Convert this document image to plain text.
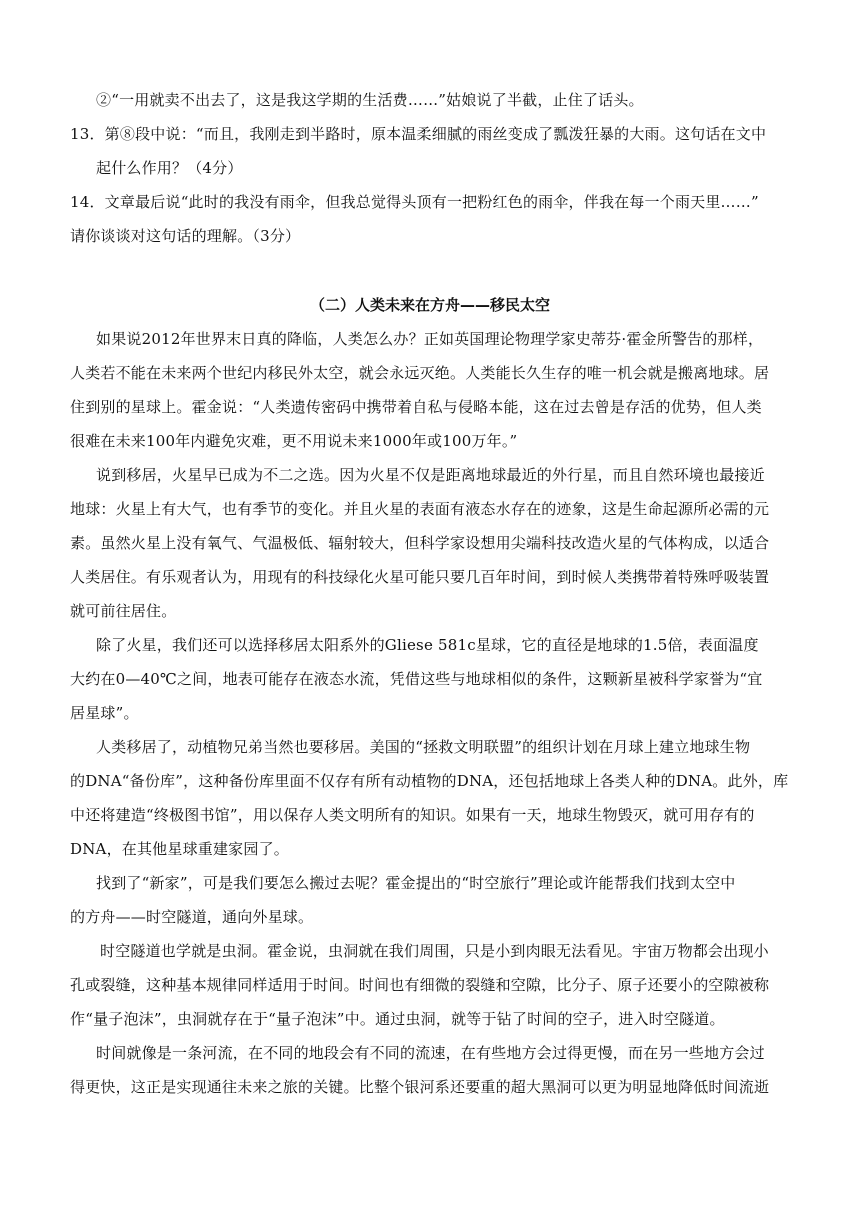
②“一用就卖不出去了，这是我这学期的生活费……”姑娘说了半截，止住了话头。
13．第⑧段中说：“而且，我刚走到半路时，原本温柔细腻的雨丝变成了瓢泼狂暴的大雨。这句话在文中
起什么作用？（4分）
14．文章最后说“此时的我没有雨伞，但我总觉得头顶有一把粉红色的雨伞，伴我在每一个雨天里……”
请你谈谈对这句话的理解。（3分）
（二）人类未来在方舟——移民太空
如果说2012年世界末日真的降临，人类怎么办？正如英国理论物理学家史蒂芬·霍金所警告的那样，
人类若不能在未来两个世纪内移民外太空，就会永远灭绝。人类能长久生存的唯一机会就是搬离地球。居
住到别的星球上。霍金说：“人类遗传密码中携带着自私与侵略本能，这在过去曾是存活的优势，但人类
很难在未来100年内避免灾难，更不用说未来1000年或100万年。”
说到移居，火星早已成为不二之选。因为火星不仅是距离地球最近的外行星，而且自然环境也最接近
地球：火星上有大气，也有季节的变化。并且火星的表面有液态水存在的迹象，这是生命起源所必需的元
素。虽然火星上没有氧气、气温极低、辐射较大，但科学家设想用尖端科技改造火星的气体构成，以适合
人类居住。有乐观者认为，用现有的科技绿化火星可能只要几百年时间，到时候人类携带着特殊呼吸装置
就可前往居住。
除了火星，我们还可以选择移居太阳系外的Gliese 581c星球，它的直径是地球的1.5倍，表面温度
大约在0—40℃之间，地表可能存在液态水流，凭借这些与地球相似的条件，这颗新星被科学家誉为“宜
居星球”。
人类移居了，动植物兄弟当然也要移居。美国的“拯救文明联盟”的组织计划在月球上建立地球生物
的DNA“备份库”，这种备份库里面不仅存有所有动植物的DNA，还包括地球上各类人种的DNA。此外，库
中还将建造“终极图书馆”，用以保存人类文明所有的知识。如果有一天，地球生物毁灭，就可用存有的
DNA，在其他星球重建家园了。
找到了“新家”，可是我们要怎么搬过去呢？霍金提出的“时空旅行”理论或许能帮我们找到太空中
的方舟——时空隧道，通向外星球。
时空隧道也学就是虫洞。霍金说，虫洞就在我们周围，只是小到肉眼无法看见。宇宙万物都会出现小
孔或裂缝，这种基本规律同样适用于时间。时间也有细微的裂缝和空隙，比分子、原子还要小的空隙被称
作“量子泡沫”，虫洞就存在于“量子泡沫”中。通过虫洞，就等于钻了时间的空子，进入时空隧道。
时间就像是一条河流，在不同的地段会有不同的流速，在有些地方会过得更慢，而在另一些地方会过
得更快，这正是实现通往未来之旅的关键。比整个银河系还要重的超大黑洞可以更为明显地降低时间流逝
